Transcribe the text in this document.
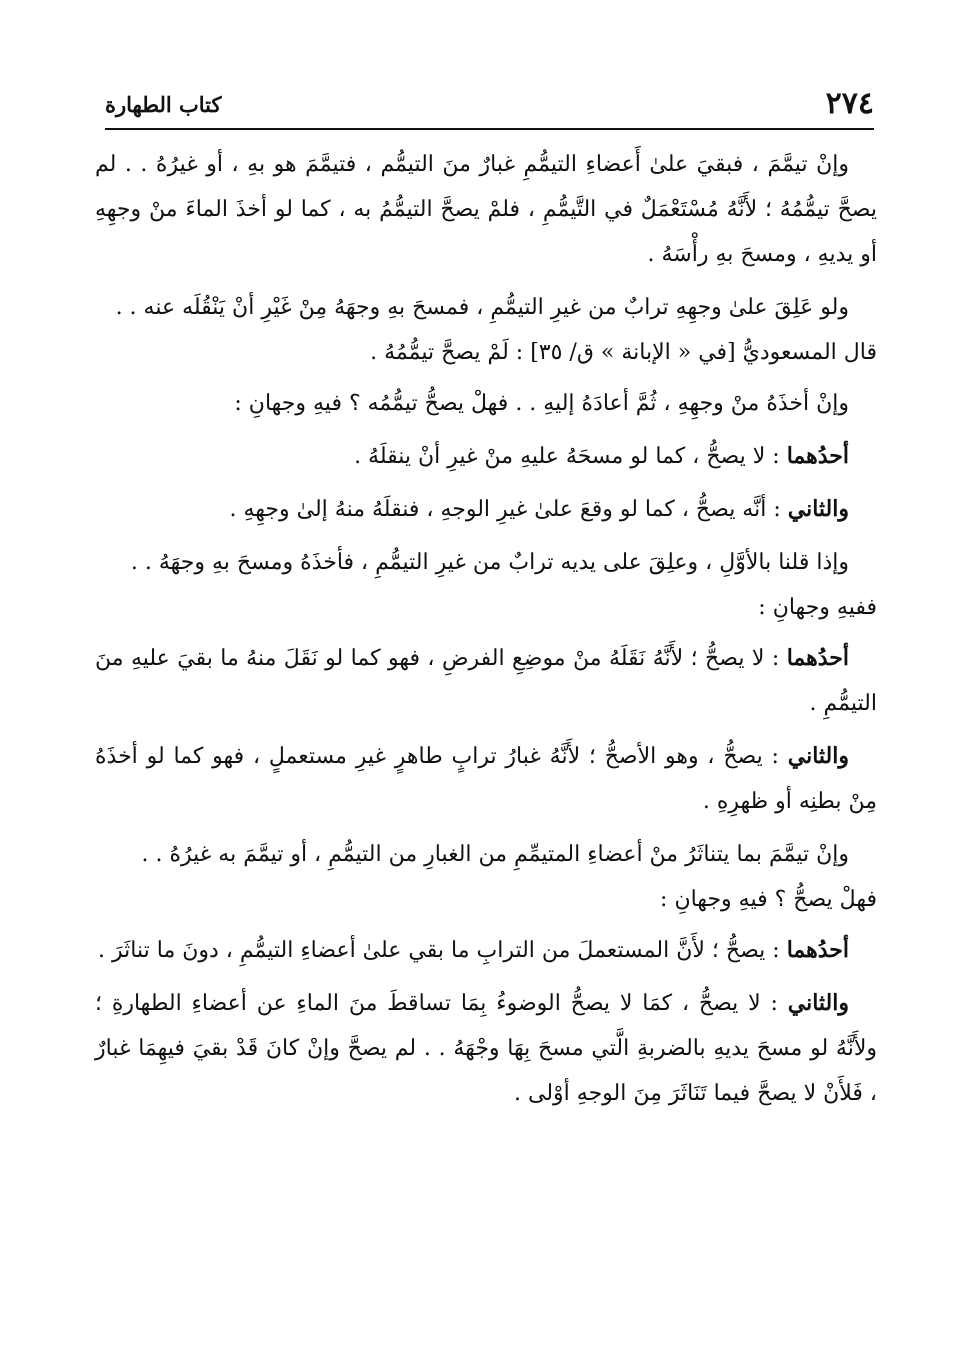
٢٧٤
كتاب الطهارة

وإنْ تيمَّمَ ، فبقيَ علىٰ أَعضاءِ التيمُّمِ غبارٌ منَ التيمُّم ، فتيمَّمَ هو بهِ ، أو غيرُهُ . . لم يصحَّ تيمُّمُهُ ؛ لأَنَّهُ مُسْتَعْمَلٌ في التَّيمُّمِ ، فلمْ يصحَّ التيمُّمُ به ، كما لو أخذَ الماءَ منْ وجهِهِ أو يديهِ ، ومسحَ بهِ رأْسَهُ .

ولو عَلِقَ علىٰ وجهِهِ ترابٌ من غيرِ التيمُّمِ ، فمسحَ بهِ وجهَهُ مِنْ غَيْرِ أنْ يَنْقُلَه عنه . .
قال المسعوديُّ [في « الإبانة » ق/ ٣٥] : لَمْ يصحَّ تيمُّمُهُ .

وإنْ أخذَهُ منْ وجهِهِ ، ثُمَّ أعادَهُ إليهِ . . فهلْ يصحُّ تيمُّمُه ؟ فيهِ وجهانِ :

أحدُهما : لا يصحُّ ، كما لو مسحَهُ عليهِ منْ غيرِ أنْ ينقلَهُ .

والثاني : أنَّه يصحُّ ، كما لو وقعَ علىٰ غيرِ الوجهِ ، فنقلَهُ منهُ إلىٰ وجهِهِ .

وإذا قلنا بالأوَّلِ ، وعلِقَ على يديه ترابٌ من غيرِ التيمُّمِ ، فأخذَهُ ومسحَ بهِ وجهَهُ . .
ففيهِ وجهانِ :

أحدُهما : لا يصحُّ ؛ لأَنَّهُ نَقَلَهُ منْ موضِعِ الفرضِ ، فهو كما لو نَقَلَ منهُ ما بقيَ عليهِ منَ التيمُّمِ .

والثاني : يصحُّ ، وهو الأصحُّ ؛ لأَنَّهُ غبارُ ترابٍ طاهرٍ غيرِ مستعملٍ ، فهو كما لو أخذَهُ مِنْ بطنِه أو ظهرِهِ .

وإنْ تيمَّمَ بما يتناثَرُ منْ أعضاءِ المتيمِّمِ من الغبارِ من التيمُّمِ ، أو تيمَّمَ به غيرُهُ . .
فهلْ يصحُّ ؟ فيهِ وجهانِ :

أحدُهما : يصحُّ ؛ لأَنَّ المستعملَ من الترابِ ما بقي علىٰ أعضاءِ التيمُّمِ ، دونَ ما تناثَرَ .

والثاني : لا يصحُّ ، كمَا لا يصحُّ الوضوءُ بِمَا تساقطَ منَ الماءِ عن أعضاءِ الطهارةِ ؛ ولأَنَّهُ لو مسحَ يديهِ بالضربةِ الَّتي مسحَ بِهَا وجْهَهُ . . لم يصحَّ وإنْ كانَ قَدْ بقيَ فيهِمَا غبارٌ ، فَلأَنْ لا يصحَّ فيما تَنَاثَرَ مِنَ الوجهِ أوْلى .
